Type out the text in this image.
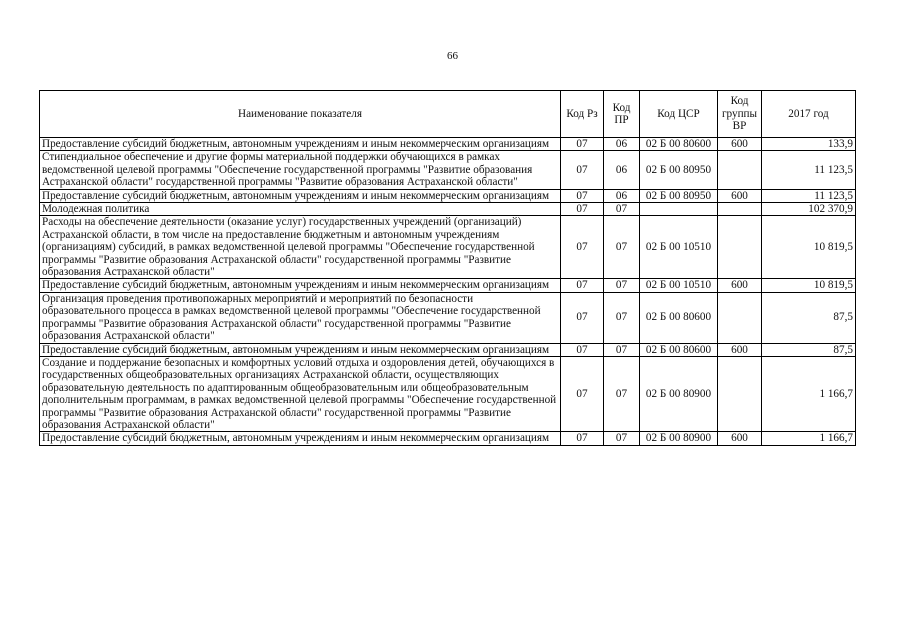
66
Наименование показателя	Код Рз	Код ПР	Код ЦСР	Код группы ВР	2017 год
Предоставление субсидий бюджетным, автономным учреждениям и иным некоммерческим организациям	07	06	02 Б 00 80600	600	133,9
Стипендиальное обеспечение и другие формы материальной поддержки обучающихся в рамках ведомственной целевой программы "Обеспечение государственной программы "Развитие образования Астраханской области" государственной программы "Развитие образования Астраханской области"	07	06	02 Б 00 80950		11 123,5
Предоставление субсидий бюджетным, автономным учреждениям и иным некоммерческим организациям	07	06	02 Б 00 80950	600	11 123,5
Молодежная политика	07	07			102 370,9
Расходы на обеспечение деятельности (оказание услуг) государственных учреждений (организаций) Астраханской области, в том числе на предоставление бюджетным и автономным учреждениям (организациям) субсидий, в рамках ведомственной целевой программы "Обеспечение государственной программы "Развитие образования Астраханской области" государственной программы "Развитие образования Астраханской области"	07	07	02 Б 00 10510		10 819,5
Предоставление субсидий бюджетным, автономным учреждениям и иным некоммерческим организациям	07	07	02 Б 00 10510	600	10 819,5
Организация проведения противопожарных мероприятий и мероприятий по безопасности образовательного процесса в рамках ведомственной целевой программы "Обеспечение государственной программы "Развитие образования Астраханской области" государственной программы "Развитие образования Астраханской области"	07	07	02 Б 00 80600		87,5
Предоставление субсидий бюджетным, автономным учреждениям и иным некоммерческим организациям	07	07	02 Б 00 80600	600	87,5
Создание и поддержание безопасных и комфортных условий отдыха и оздоровления детей, обучающихся в государственных общеобразовательных организациях Астраханской области, осуществляющих образовательную деятельность по адаптированным общеобразовательным или общеобразовательным дополнительным программам, в рамках ведомственной целевой программы "Обеспечение государственной программы "Развитие образования Астраханской области" государственной программы "Развитие образования Астраханской области"	07	07	02 Б 00 80900		1 166,7
Предоставление субсидий бюджетным, автономным учреждениям и иным некоммерческим организациям	07	07	02 Б 00 80900	600	1 166,7
